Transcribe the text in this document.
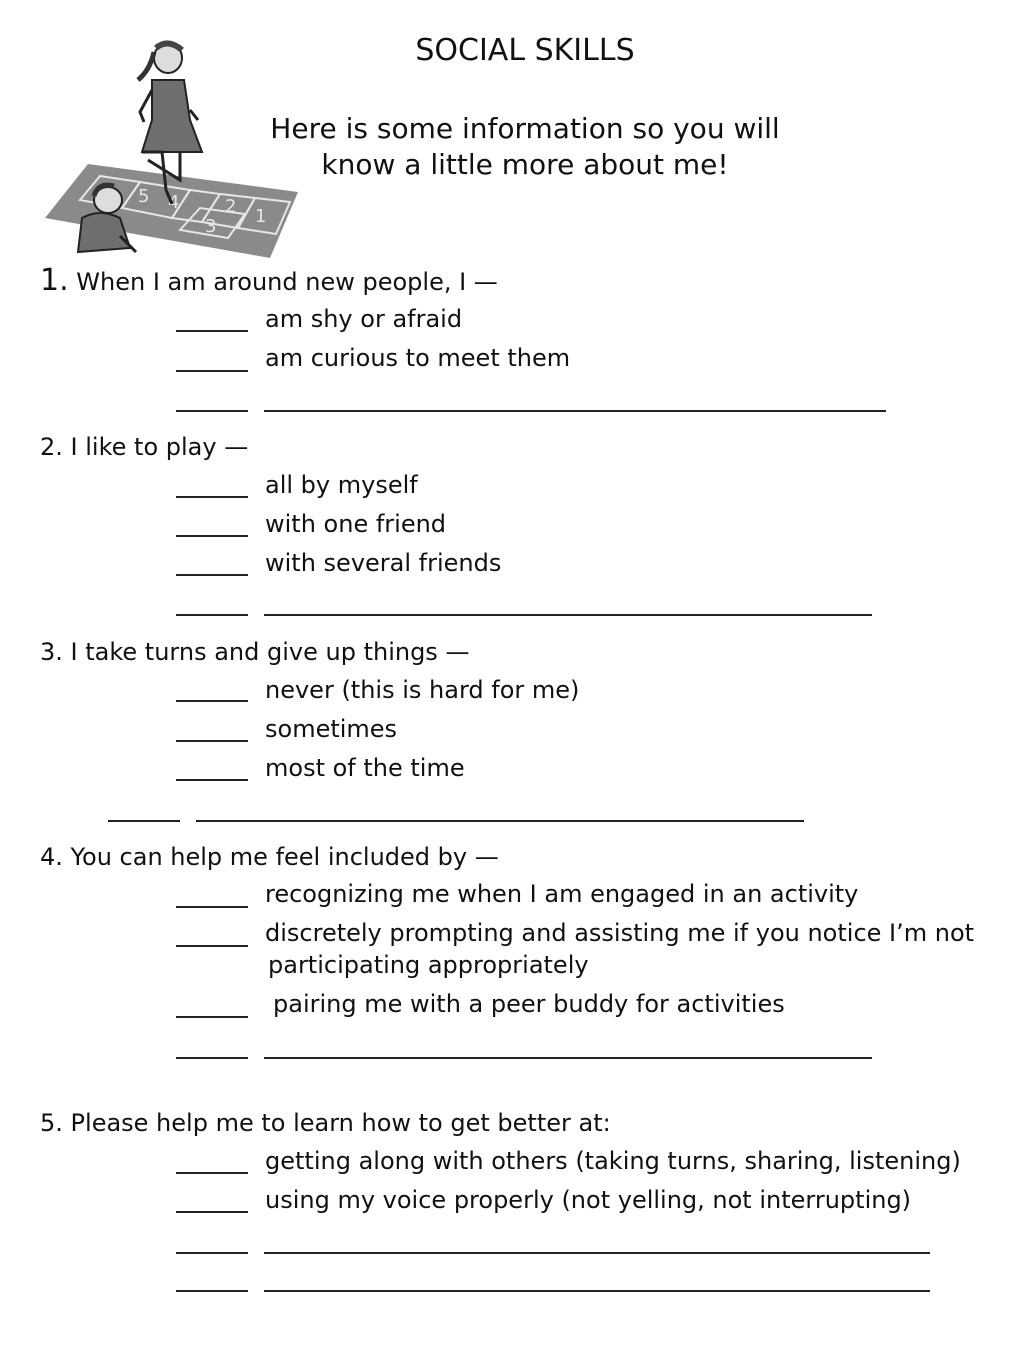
5 4	2 1
3
SOCIAL SKILLS
Here is some information so you will
know a little more about me!
1. When I am around new people, I —
am shy or afraid
am curious to meet them
2. I like to play —
all by myself
with one friend
with several friends
3. I take turns and give up things —
never (this is hard for me)
sometimes
most of the time
4. You can help me feel included by —
recognizing me when I am engaged in an activity
discretely prompting and assisting me if you notice I’m not
participating appropriately
pairing me with a peer buddy for activities
5. Please help me to learn how to get better at:
getting along with others (taking turns, sharing, listening)
using my voice properly (not yelling, not interrupting)
